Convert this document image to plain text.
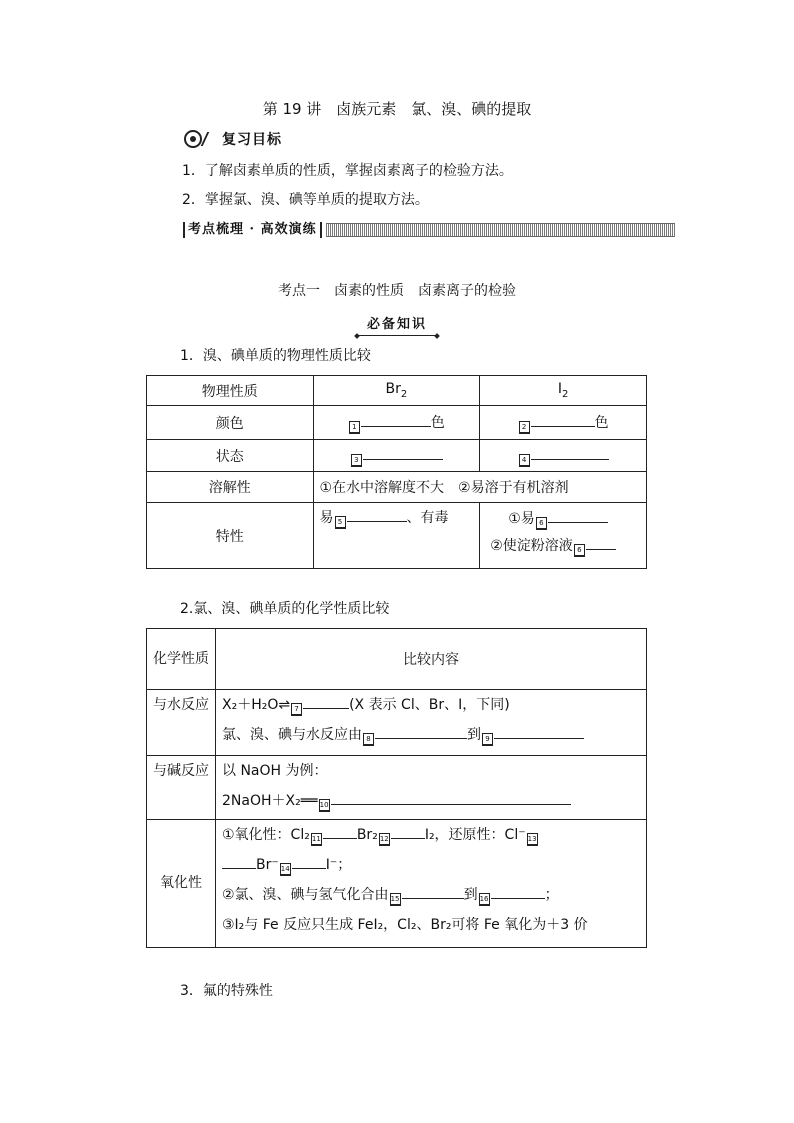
第 19 讲　卤族元素　氯、溴、碘的提取
复习目标
1．了解卤素单质的性质，掌握卤素离子的检验方法。
2．掌握氯、溴、碘等单质的提取方法。
考点梳理 · 高效演练
考点一　卤素的性质　卤素离子的检验
必备知识
1．溴、碘单质的物理性质比较
物理性质	$Br_2$	$I_2$
颜色	1 色	2 色
状态	3	4
溶解性	①在水中溶解度不大　②易溶于有机溶剂	
特性	易 5 、有毒	①易 6
②使淀粉溶液 6
2.氯、溴、碘单质的化学性质比较
化学性质	比较内容
与水反应	X₂＋H₂O⇌ 7 (X 表示 Cl、Br、I，下同)
氯、溴、碘与水反应由 8 到 9

与碱反应	以 NaOH 为例：
2NaOH＋X₂══ 10

氧化性	①氧化性：Cl₂ 11 Br₂ 12 I₂，还原性：Cl⁻ 13
Br⁻ 14 I⁻；
②氯、溴、碘与氢气化合由 15 到 16 ；
③I₂与 Fe 反应只生成 FeI₂，Cl₂、Br₂可将 Fe 氧化为＋3 价
3．氟的特殊性
